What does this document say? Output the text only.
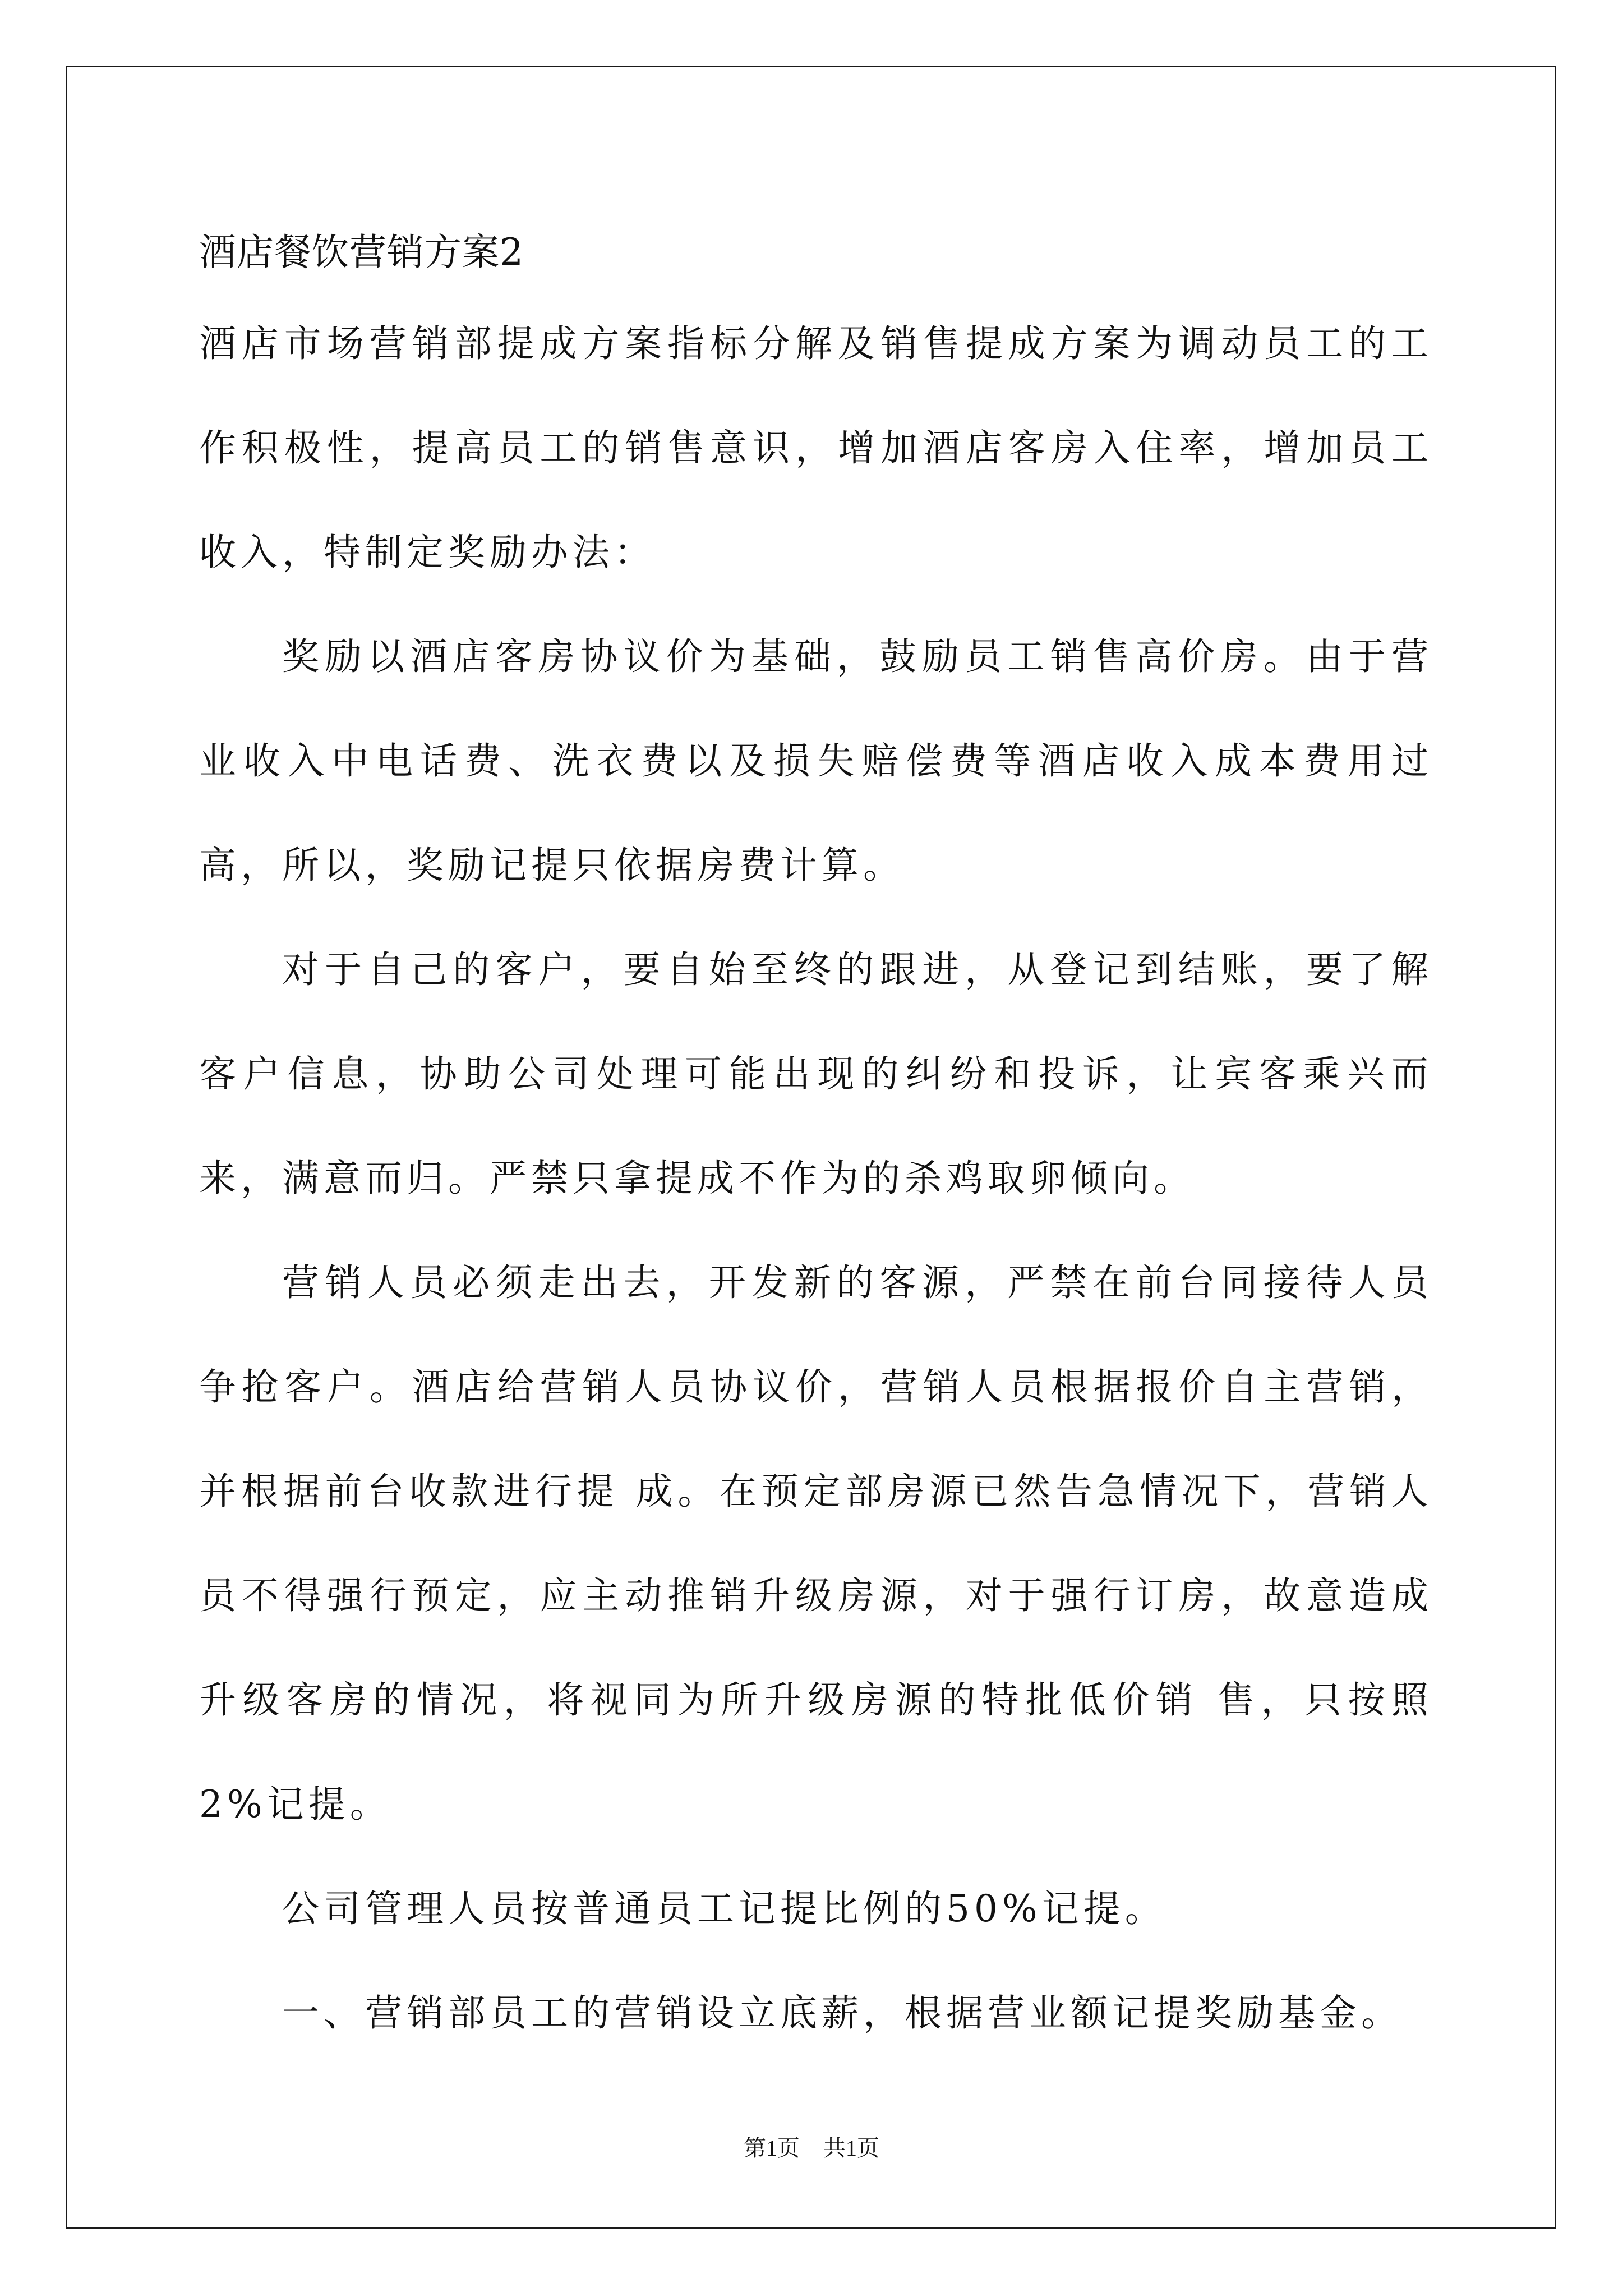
酒店餐饮营销方案2

酒店市场营销部提成方案指标分解及销售提成方案为调动员工的工作积极性，提高员工的销售意识，增加酒店客房入住率，增加员工收入，特制定奖励办法：

奖励以酒店客房协议价为基础，鼓励员工销售高价房。由于营业收入中电话费、洗衣费以及损失赔偿费等酒店收入成本费用过高，所以，奖励记提只依据房费计算。

对于自己的客户，要自始至终的跟进，从登记到结账，要了解客户信息，协助公司处理可能出现的纠纷和投诉，让宾客乘兴而来，满意而归。严禁只拿提成不作为的杀鸡取卵倾向。

营销人员必须走出去，开发新的客源，严禁在前台同接待人员争抢客户。酒店给营销人员协议价，营销人员根据报价自主营销，并根据前台收款进行提 成。在预定部房源已然告急情况下，营销人员不得强行预定，应主动推销升级房源，对于强行订房，故意造成升级客房的情况，将视同为所升级房源的特批低价销 售，只按照2%记提。

公司管理人员按普通员工记提比例的50%记提。

一、营销部员工的营销设立底薪，根据营业额记提奖励基金。

第1页 共1页
